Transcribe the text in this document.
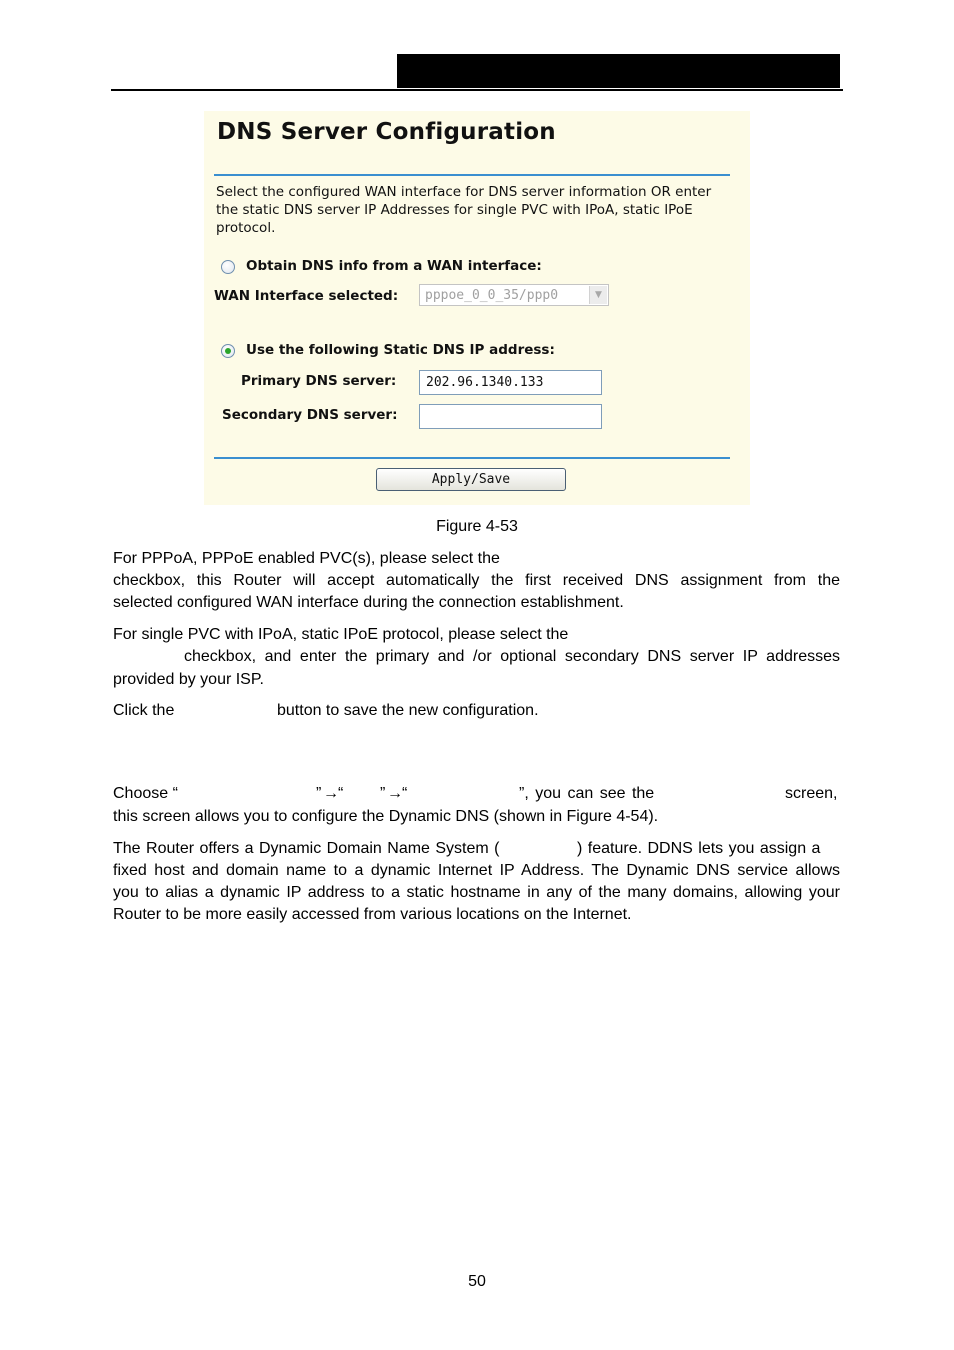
DNS Server Configuration
Select the configured WAN interface for DNS server information OR enter the static DNS server IP Addresses for single PVC with IPoA, static IPoE protocol.
Obtain DNS info from a WAN interface:
WAN Interface selected: pppoe_0_0_35/ppp0	▼
Use the following Static DNS IP address:
Primary DNS server: 202.96.1340.133
Secondary DNS server:
Apply/Save
Figure 4-53
For PPPoA, PPPoE enabled PVC(s), please select the
checkbox, this Router will accept automatically the first received DNS assignment from the
selected configured WAN interface during the connection establishment.
For single PVC with IPoA, static IPoE protocol, please select the
checkbox, and enter the primary and /or optional secondary DNS server IP addresses
provided by your ISP.
Click the	button to save the new configuration.
Choose “	” → “ ” → “	”, you can see the	screen,
this screen allows you to configure the Dynamic DNS (shown in Figure 4-54).
The Router offers a Dynamic Domain Name System (	) feature. DDNS lets you assign a
fixed host and domain name to a dynamic Internet IP Address. The Dynamic DNS service allows
you to alias a dynamic IP address to a static hostname in any of the many domains, allowing your
Router to be more easily accessed from various locations on the Internet.
50
